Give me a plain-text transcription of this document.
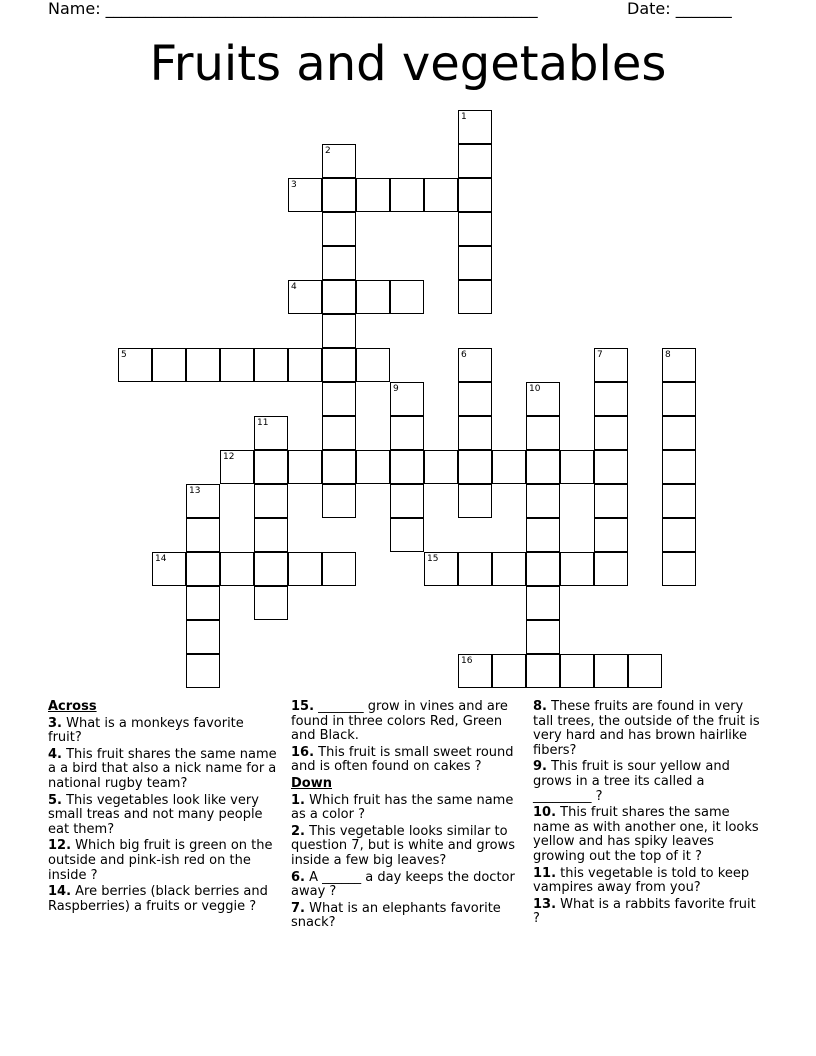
Name: ______________________________________________________	Date: _______
Fruits and vegetables
1
2
3
4
5	6	7	8
9	10
11
12
13
14	15
16

Across

3. What is a monkeys favorite fruit?

4. This fruit shares the same name a a bird that also a nick name for a national rugby team?

5. This vegetables look like very small treas and not many people eat them?

12. Which big fruit is green on the outside and pink-ish red on the inside ?

14. Are berries (black berries and Raspberries) a fruits or veggie ?

15. _______ grow in vines and are found in three colors Red, Green and Black.

16. This fruit is small sweet round and is often found on cakes ?

Down

1. Which fruit has the same name as a color ?

2. This vegetable looks similar to question 7, but is white and grows inside a few big leaves?

6. A ______ a day keeps the doctor away ?

7. What is an elephants favorite snack?

8. These fruits are found in very tall trees, the outside of the fruit is very hard and has brown hairlike fibers?

9. This fruit is sour yellow and grows in a tree its called a _________ ?

10. This fruit shares the same name as with another one, it looks yellow and has spiky leaves growing out the top of it ?

11. this vegetable is told to keep vampires away from you?

13. What is a rabbits favorite fruit ?
